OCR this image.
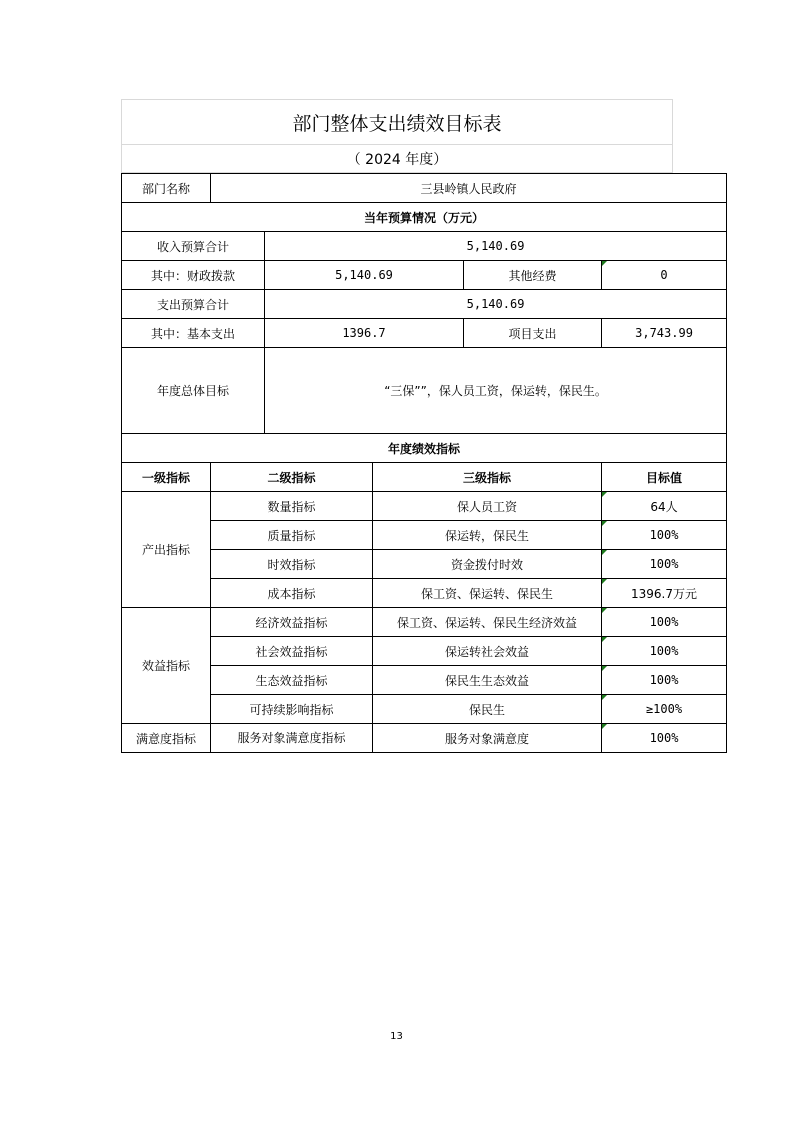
部门整体支出绩效目标表
（ 2024 年度）
部门名称	三县岭镇人民政府				
当年预算情况（万元）					
收入预算合计		5,140.69			
其中：财政拨款		5,140.69		其他经费	0
支出预算合计		5,140.69			
其中：基本支出		1396.7		项目支出	3,743.99
年度总体目标		“三保””，保人员工资，保运转，保民生。			
年度绩效指标					
一级指标	二级指标		三级指标		目标值
产出指标	数量指标		保人员工资		64人
	质量指标		保运转，保民生		100%
	时效指标		资金拨付时效		100%
	成本指标		保工资、保运转、保民生		1396.7万元
效益指标	经济效益指标		保工资、保运转、保民生经济效益		100%
	社会效益指标		保运转社会效益		100%
	生态效益指标		保民生生态效益		100%
	可持续影响指标		保民生		≥100%
满意度指标	服务对象满意度指标		服务对象满意度		100%
13
